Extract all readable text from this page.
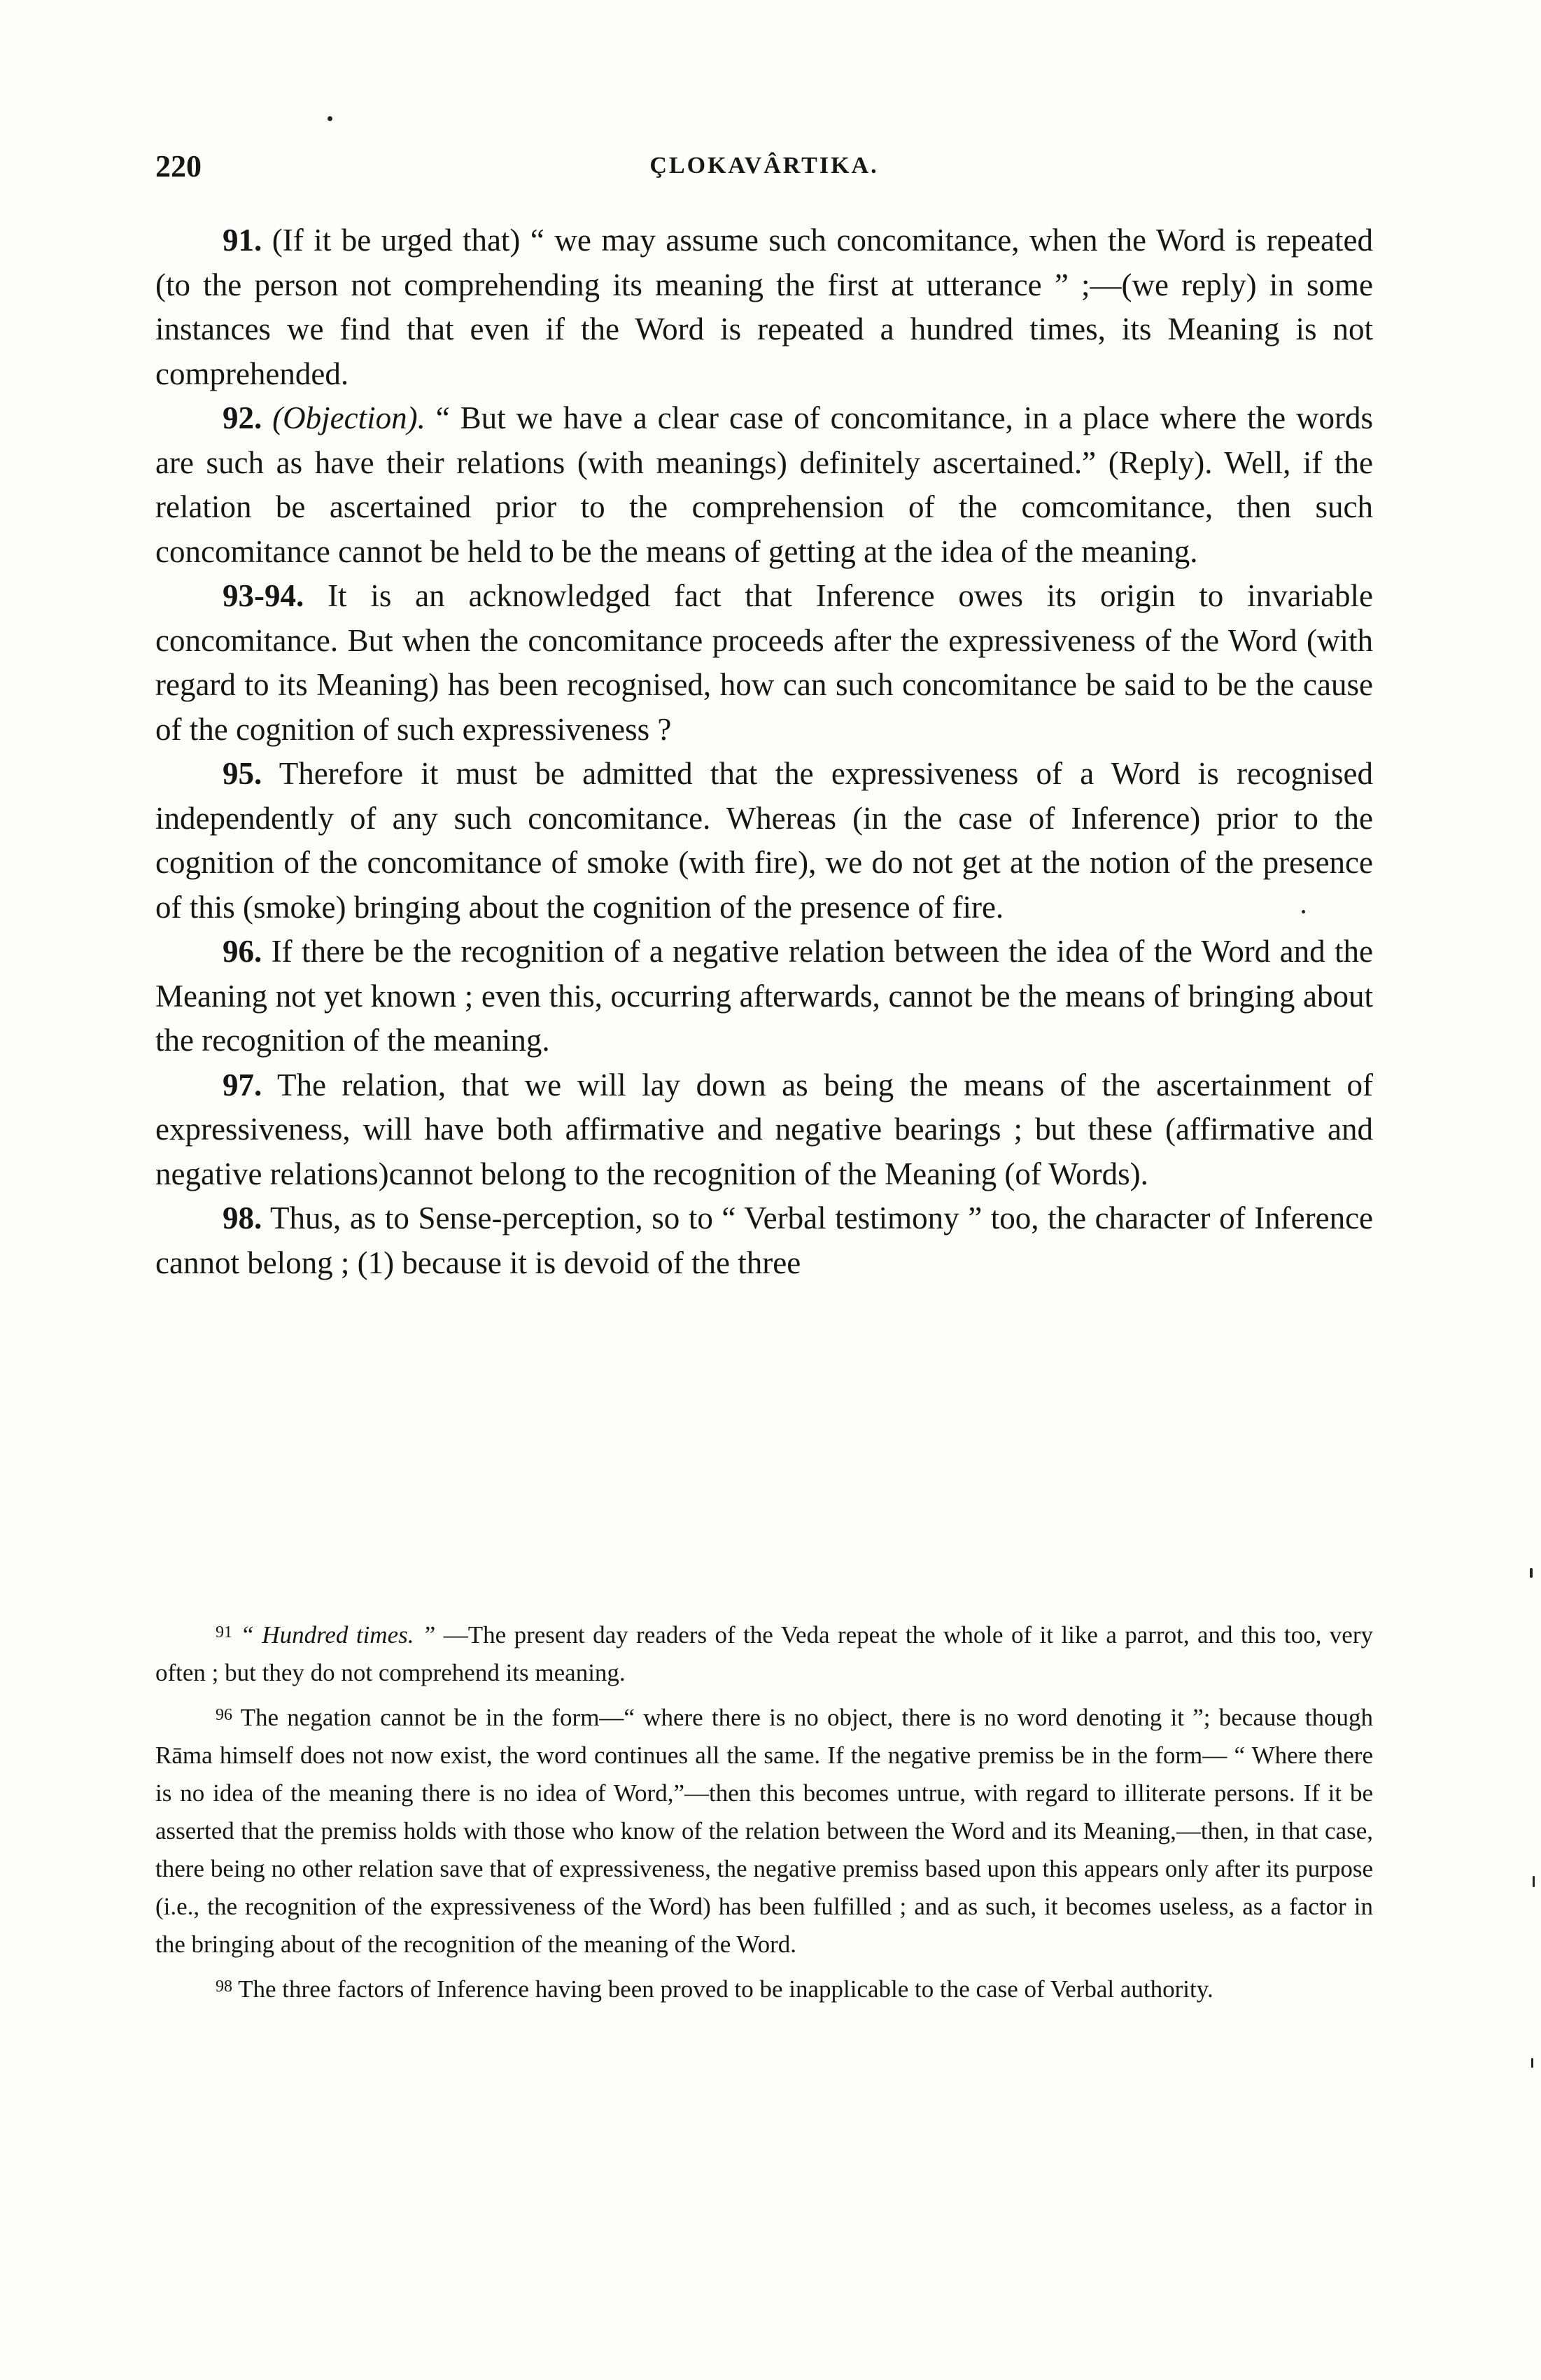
220	ÇLOKAVÂRTIKA.

91. (If it be urged that) “ we may assume such concomitance, when the Word is repeated (to the person not comprehending its meaning the first at utterance ” ;—(we reply) in some instances we find that even if the Word is repeated a hundred times, its Meaning is not comprehended.

92. (Objection). “ But we have a clear case of concomitance, in a place where the words are such as have their relations (with meanings) definitely ascertained.” (Reply). Well, if the relation be ascertained prior to the comprehension of the comcomitance, then such concomitance cannot be held to be the means of getting at the idea of the meaning.

93-94. It is an acknowledged fact that Inference owes its origin to invariable concomitance. But when the concomitance proceeds after the expressiveness of the Word (with regard to its Meaning) has been recognised, how can such concomitance be said to be the cause of the cognition of such expressiveness ?

95. Therefore it must be admitted that the expressiveness of a Word is recognised independently of any such concomitance. Whereas (in the case of Inference) prior to the cognition of the concomitance of smoke (with fire), we do not get at the notion of the presence of this (smoke) bringing about the cognition of the presence of fire.

96. If there be the recognition of a negative relation between the idea of the Word and the Meaning not yet known ; even this, occurring afterwards, cannot be the means of bringing about the recognition of the meaning.

97. The relation, that we will lay down as being the means of the ascertainment of expressiveness, will have both affirmative and negative bearings ; but these (affirmative and negative relations)cannot belong to the recognition of the Meaning (of Words).

98. Thus, as to Sense-perception, so to “ Verbal testimony ” too, the character of Inference cannot belong ; (1) because it is devoid of the three

$^{91}$ “ Hundred times. ” —The present day readers of the Veda repeat the whole of it like a parrot, and this too, very often ; but they do not comprehend its meaning.

$^{96}$ The negation cannot be in the form—“ where there is no object, there is no word denoting it ”; because though Rāma himself does not now exist, the word continues all the same. If the negative premiss be in the form— “ Where there is no idea of the meaning there is no idea of Word,”—then this becomes untrue, with regard to illiterate persons. If it be asserted that the premiss holds with those who know of the relation between the Word and its Meaning,—then, in that case, there being no other relation save that of expressiveness, the negative premiss based upon this appears only after its purpose (i.e., the recognition of the expressiveness of the Word) has been fulfilled ; and as such, it becomes useless, as a factor in the bringing about of the recognition of the meaning of the Word.

$^{98}$ The three factors of Inference having been proved to be inapplicable to the case of Verbal authority.
